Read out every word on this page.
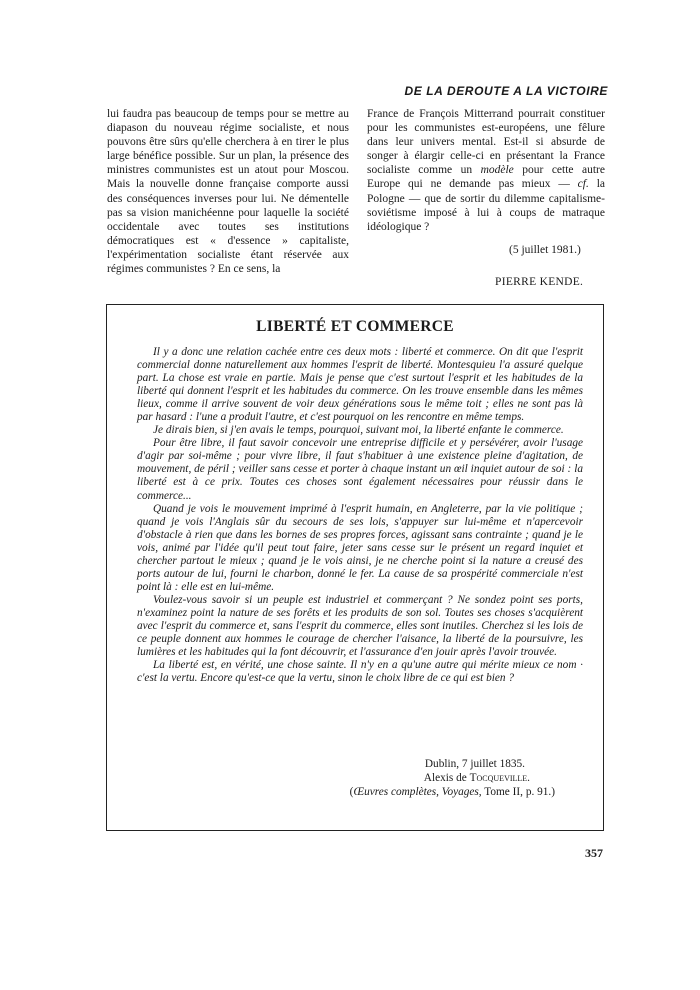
DE LA DEROUTE A LA VICTOIRE

lui faudra pas beaucoup de temps pour se mettre au diapason du nouveau régime socialiste, et nous pouvons être sûrs qu'elle cherchera à en tirer le plus large bénéfice possible. Sur un plan, la présence des ministres communistes est un atout pour Moscou. Mais la nouvelle donne française comporte aussi des conséquences inverses pour lui. Ne démentelle pas sa vision manichéenne pour laquelle la société occidentale avec toutes ses institutions démocratiques est « d'essence » capitaliste, l'expérimentation socialiste étant réservée aux régimes communistes ? En ce sens, la

France de François Mitterrand pourrait constituer pour les communistes est-européens, une fêlure dans leur univers mental. Est-il si absurde de songer à élargir celle-ci en présentant la France socialiste comme un modèle pour cette autre Europe qui ne demande pas mieux — cf. la Pologne — que de sortir du dilemme capitalisme-soviétisme imposé à lui à coups de matraque idéologique ?

(5 juillet 1981.)
PIERRE KENDE.
LIBERTÉ ET COMMERCE

Il y a donc une relation cachée entre ces deux mots : liberté et commerce. On dit que l'esprit commercial donne naturellement aux hommes l'esprit de liberté. Montesquieu l'a assuré quelque part. La chose est vraie en partie. Mais je pense que c'est surtout l'esprit et les habitudes de la liberté qui donnent l'esprit et les habitudes du commerce. On les trouve ensemble dans les mêmes lieux, comme il arrive souvent de voir deux générations sous le même toit ; elles ne sont pas là par hasard : l'une a produit l'autre, et c'est pourquoi on les rencontre en même temps.

Je dirais bien, si j'en avais le temps, pourquoi, suivant moi, la liberté enfante le commerce.

Pour être libre, il faut savoir concevoir une entreprise difficile et y persévérer, avoir l'usage d'agir par soi-même ; pour vivre libre, il faut s'habituer à une existence pleine d'agitation, de mouvement, de péril ; veiller sans cesse et porter à chaque instant un œil inquiet autour de soi : la liberté est à ce prix. Toutes ces choses sont également nécessaires pour réussir dans le commerce...

Quand je vois le mouvement imprimé à l'esprit humain, en Angleterre, par la vie politique ; quand je vois l'Anglais sûr du secours de ses lois, s'appuyer sur lui-même et n'apercevoir d'obstacle à rien que dans les bornes de ses propres forces, agissant sans contrainte ; quand je le vois, animé par l'idée qu'il peut tout faire, jeter sans cesse sur le présent un regard inquiet et chercher partout le mieux ; quand je le vois ainsi, je ne cherche point si la nature a creusé des ports autour de lui, fourni le charbon, donné le fer. La cause de sa prospérité commerciale n'est point là : elle est en lui-même.

Voulez-vous savoir si un peuple est industriel et commerçant ? Ne sondez point ses ports, n'examinez point la nature de ses forêts et les produits de son sol. Toutes ses choses s'acquièrent avec l'esprit du commerce et, sans l'esprit du commerce, elles sont inutiles. Cherchez si les lois de ce peuple donnent aux hommes le courage de chercher l'aisance, la liberté de la poursuivre, les lumières et les habitudes qui la font découvrir, et l'assurance d'en jouir après l'avoir trouvée.

La liberté est, en vérité, une chose sainte. Il n'y en a qu'une autre qui mérite mieux ce nom · c'est la vertu. Encore qu'est-ce que la vertu, sinon le choix libre de ce qui est bien ?

Dublin, 7 juillet 1835.
Alexis de Tocqueville.
(Œuvres complètes, Voyages, Tome II, p. 91.)
357
